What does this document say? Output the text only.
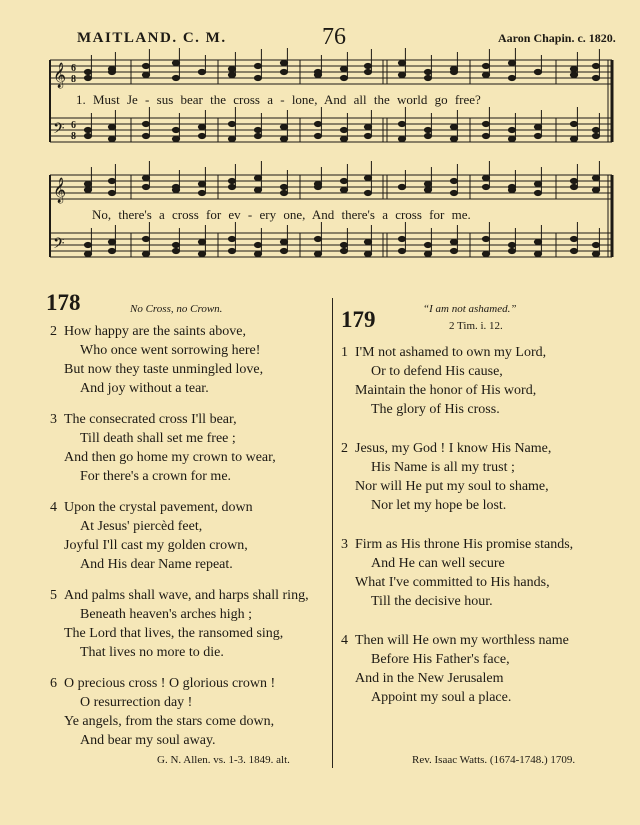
MAITLAND. C. M.	76	Aaron Chapin. c. 1820.
𝄞
𝄢
6
8
6
8
𝄞
𝄢
1. Must Je - sus bear the cross a - lone, And all the world go free?
No, there's a cross for ev - ery one, And there's a cross for me.
178	No Cross, no Crown.
2 How happy are the saints above,
Who once went sorrowing here!
But now they taste unmingled love,
And joy without a tear.
3 The consecrated cross I'll bear,
Till death shall set me free ;
And then go home my crown to wear,
For there's a crown for me.
4 Upon the crystal pavement, down
At Jesus' piercèd feet,
Joyful I'll cast my golden crown,
And His dear Name repeat.
5 And palms shall wave, and harps shall ring,
Beneath heaven's arches high ;
The Lord that lives, the ransomed sing,
That lives no more to die.
6 O precious cross ! O glorious crown !
O resurrection day !
Ye angels, from the stars come down,
And bear my soul away.
G. N. Allen. vs. 1-3. 1849. alt.
179	“I am not ashamed.”
2 Tim. i. 12.
1 I'M not ashamed to own my Lord,
Or to defend His cause,
Maintain the honor of His word,
The glory of His cross.
2 Jesus, my God ! I know His Name,
His Name is all my trust ;
Nor will He put my soul to shame,
Nor let my hope be lost.
3 Firm as His throne His promise stands,
And He can well secure
What I've committed to His hands,
Till the decisive hour.
4 Then will He own my worthless name
Before His Father's face,
And in the New Jerusalem
Appoint my soul a place.
Rev. Isaac Watts. (1674-1748.) 1709.
